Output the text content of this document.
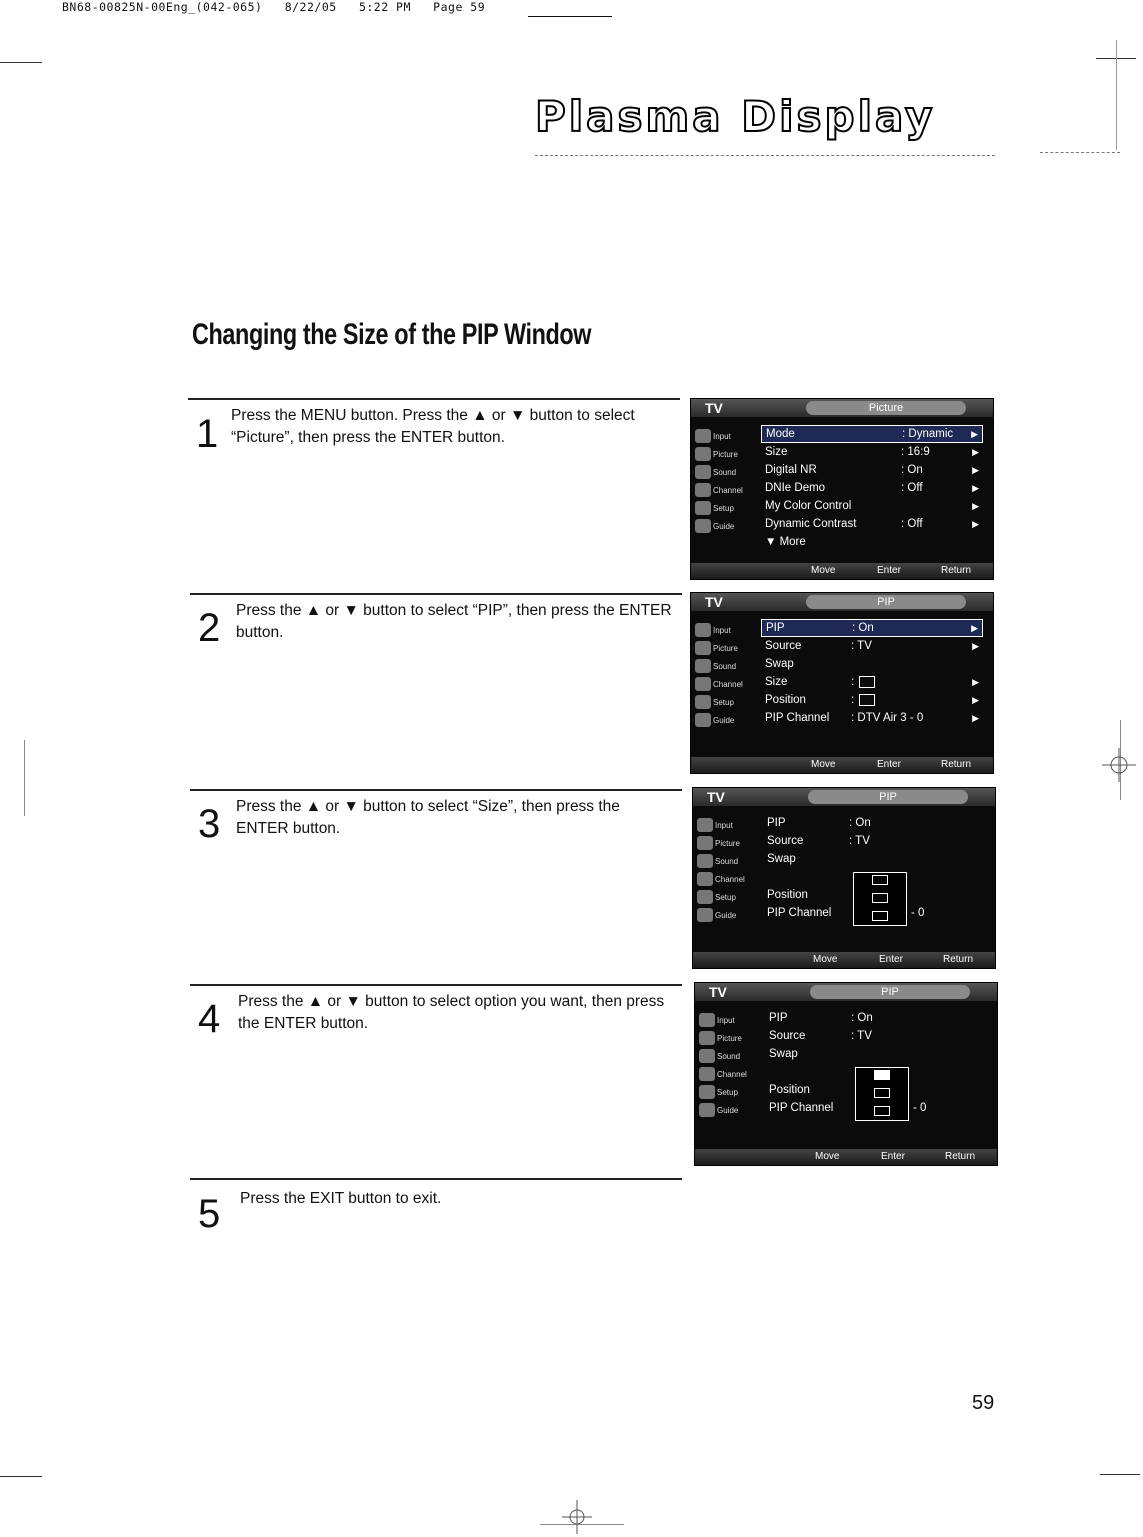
BN68-00825N-00Eng_(042-065)   8/22/05   5:22 PM   Page 59
Plasma Display
Changing the Size of the PIP Window
1 Press the MENU button. Press the ▲ or ▼ button to select “Picture”, then press the ENTER button.
2 Press the ▲ or ▼ button to select “PIP”, then press the ENTER button.
3 Press the ▲ or ▼ button to select “Size”, then press the ENTER button.
4 Press the ▲ or ▼ button to select option you want, then press the ENTER button.
5 Press the EXIT button to exit.
TV	Picture
Input
Picture
Sound
Channel
Setup
Guide
Mode	: Dynamic ▶
Size	: 16:9	▶
Digital NR	: On	▶
DNIe Demo	: Off	▶
My Color Control	▶
Dynamic Contrast	: Off	▶
▼ More
Move	Enter	Return
TV	PIP
Input
Picture
Sound
Channel
Setup
Guide
PIP	: On	▶
Source	: TV	▶
Swap
Size	:	▶
Position	:	▶
PIP Channel : DTV Air 3 - 0	▶
Move	Enter	Return
TV	PIP
Input
Picture
Sound
Channel
Setup
Guide
PIP	: On
Source	: TV
Swap
Position
PIP Channel	- 0
Move	Enter	Return
TV	PIP
Input
Picture
Sound
Channel
Setup
Guide
PIP	: On
Source	: TV
Swap
Position
PIP Channel	- 0
Move	Enter	Return
59
